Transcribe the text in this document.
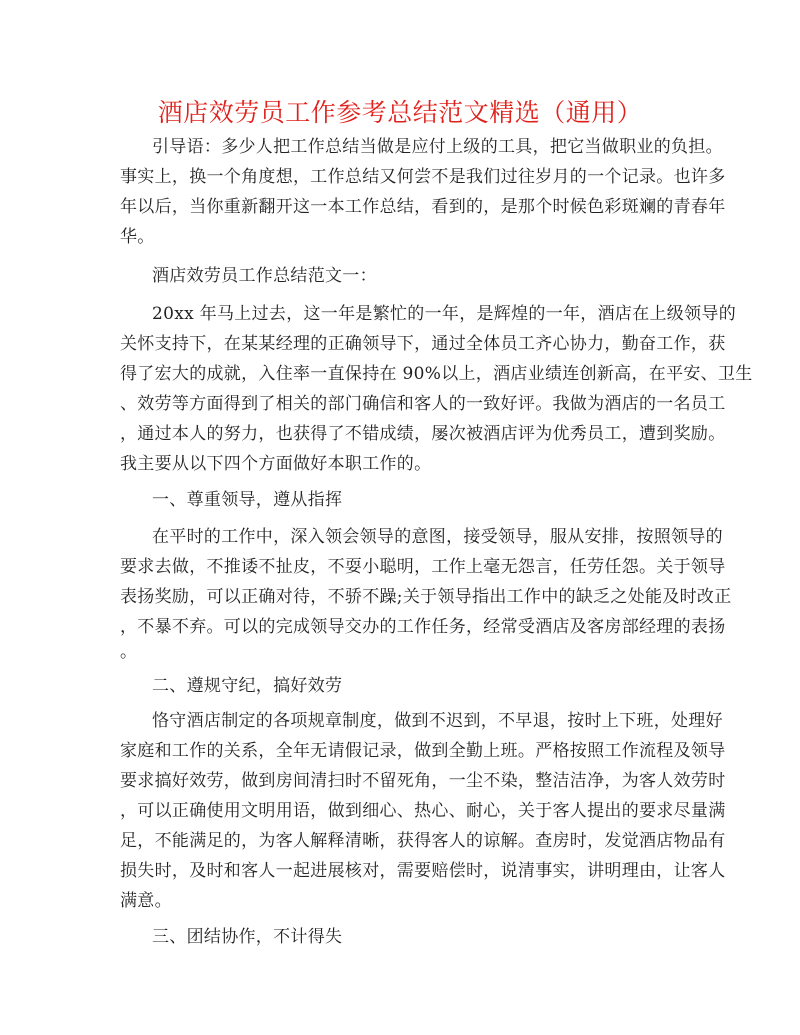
酒店效劳员工作参考总结范文精选（通用）
引导语：多少人把工作总结当做是应付上级的工具，把它当做职业的负担。
事实上，换一个角度想，工作总结又何尝不是我们过往岁月的一个记录。也许多
年以后，当你重新翻开这一本工作总结，看到的，是那个时候色彩斑斓的青春年
华。
酒店效劳员工作总结范文一：
20xx 年马上过去，这一年是繁忙的一年，是辉煌的一年，酒店在上级领导的
关怀支持下，在某某经理的正确领导下，通过全体员工齐心协力，勤奋工作，获
得了宏大的成就，入住率一直保持在 90%以上，酒店业绩连创新高，在平安、卫生
、效劳等方面得到了相关的部门确信和客人的一致好评。我做为酒店的一名员工
，通过本人的努力，也获得了不错成绩，屡次被酒店评为优秀员工，遭到奖励。
我主要从以下四个方面做好本职工作的。
一、尊重领导，遵从指挥
在平时的工作中，深入领会领导的意图，接受领导，服从安排，按照领导的
要求去做，不推诿不扯皮，不耍小聪明，工作上毫无怨言，任劳任怨。关于领导
表扬奖励，可以正确对待，不骄不躁;关于领导指出工作中的缺乏之处能及时改正
，不暴不弃。可以的完成领导交办的工作任务，经常受酒店及客房部经理的表扬
。
二、遵规守纪，搞好效劳
恪守酒店制定的各项规章制度，做到不迟到，不早退，按时上下班，处理好
家庭和工作的关系，全年无请假记录，做到全勤上班。严格按照工作流程及领导
要求搞好效劳，做到房间清扫时不留死角，一尘不染，整洁洁净，为客人效劳时
，可以正确使用文明用语，做到细心、热心、耐心，关于客人提出的要求尽量满
足，不能满足的，为客人解释清晰，获得客人的谅解。查房时，发觉酒店物品有
损失时，及时和客人一起进展核对，需要赔偿时，说清事实，讲明理由，让客人
满意。
三、团结协作，不计得失
